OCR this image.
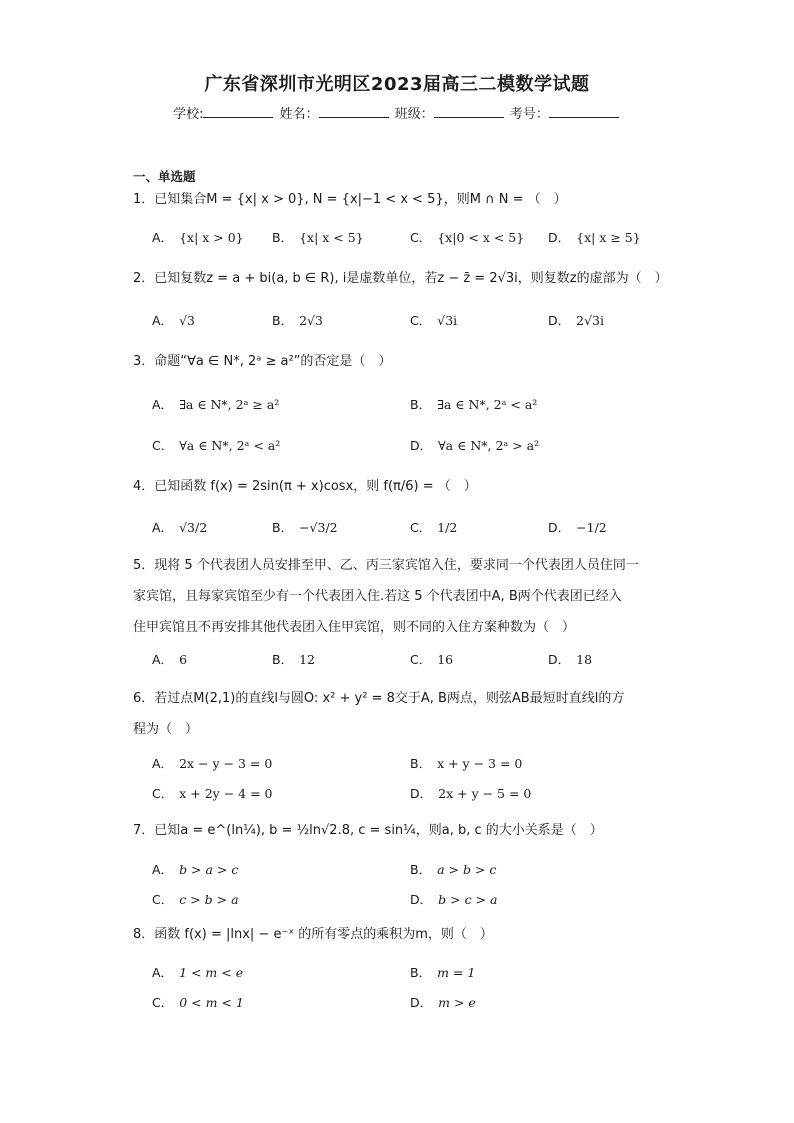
广东省深圳市光明区2023届高三二模数学试题
学校:	姓名：	班级：	考号：
一、单选题
1．已知集合M = {x| x > 0}, N = {x|−1 < x < 5}，则M ∩ N = （　）
A． {x| x > 0} B． {x| x < 5}	C． {x|0 < x < 5} D． {x| x ≥ 5}
2．已知复数z = a + bi(a, b ∈ R), i是虚数单位，若z − z̄ = 2√3i，则复数z的虚部为（　）
A． √3	B． 2√3	C． √3i	D． 2√3i
3．命题“∀a ∈ N*, 2ᵃ ≥ a²”的否定是（　）
A． ∃a ∈ N*, 2ᵃ ≥ a²	B． ∃a ∈ N*, 2ᵃ < a²
C． ∀a ∈ N*, 2ᵃ < a²	D． ∀a ∈ N*, 2ᵃ > a²
4．已知函数 f(x) = 2sin(π + x)cosx，则 f(π/6) = （　）
A． √3/2	B． −√3/2	C． 1/2	D． −1/2
5．现将 5 个代表团人员安排至甲、乙、丙三家宾馆入住，要求同一个代表团人员住同一
家宾馆，且每家宾馆至少有一个代表团入住.若这 5 个代表团中A, B两个代表团已经入
住甲宾馆且不再安排其他代表团入住甲宾馆，则不同的入住方案种数为（　）
A． 6	B． 12	C． 16	D． 18
6．若过点M(2,1)的直线l与圆O: x² + y² = 8交于A, B两点，则弦AB最短时直线l的方
程为（　）
A． 2x − y − 3 = 0	B． x + y − 3 = 0
C． x + 2y − 4 = 0	D． 2x + y − 5 = 0
7．已知a = e^(ln¼), b = ½ln√2.8, c = sin¼，则a, b, c 的大小关系是（　）
A． b > a > c	B． a > b > c
C． c > b > a	D． b > c > a
8．函数 f(x) = |lnx| − e⁻ˣ 的所有零点的乘积为m，则（　）
A． 1 < m < e	B． m = 1
C． 0 < m < 1	D． m > e
